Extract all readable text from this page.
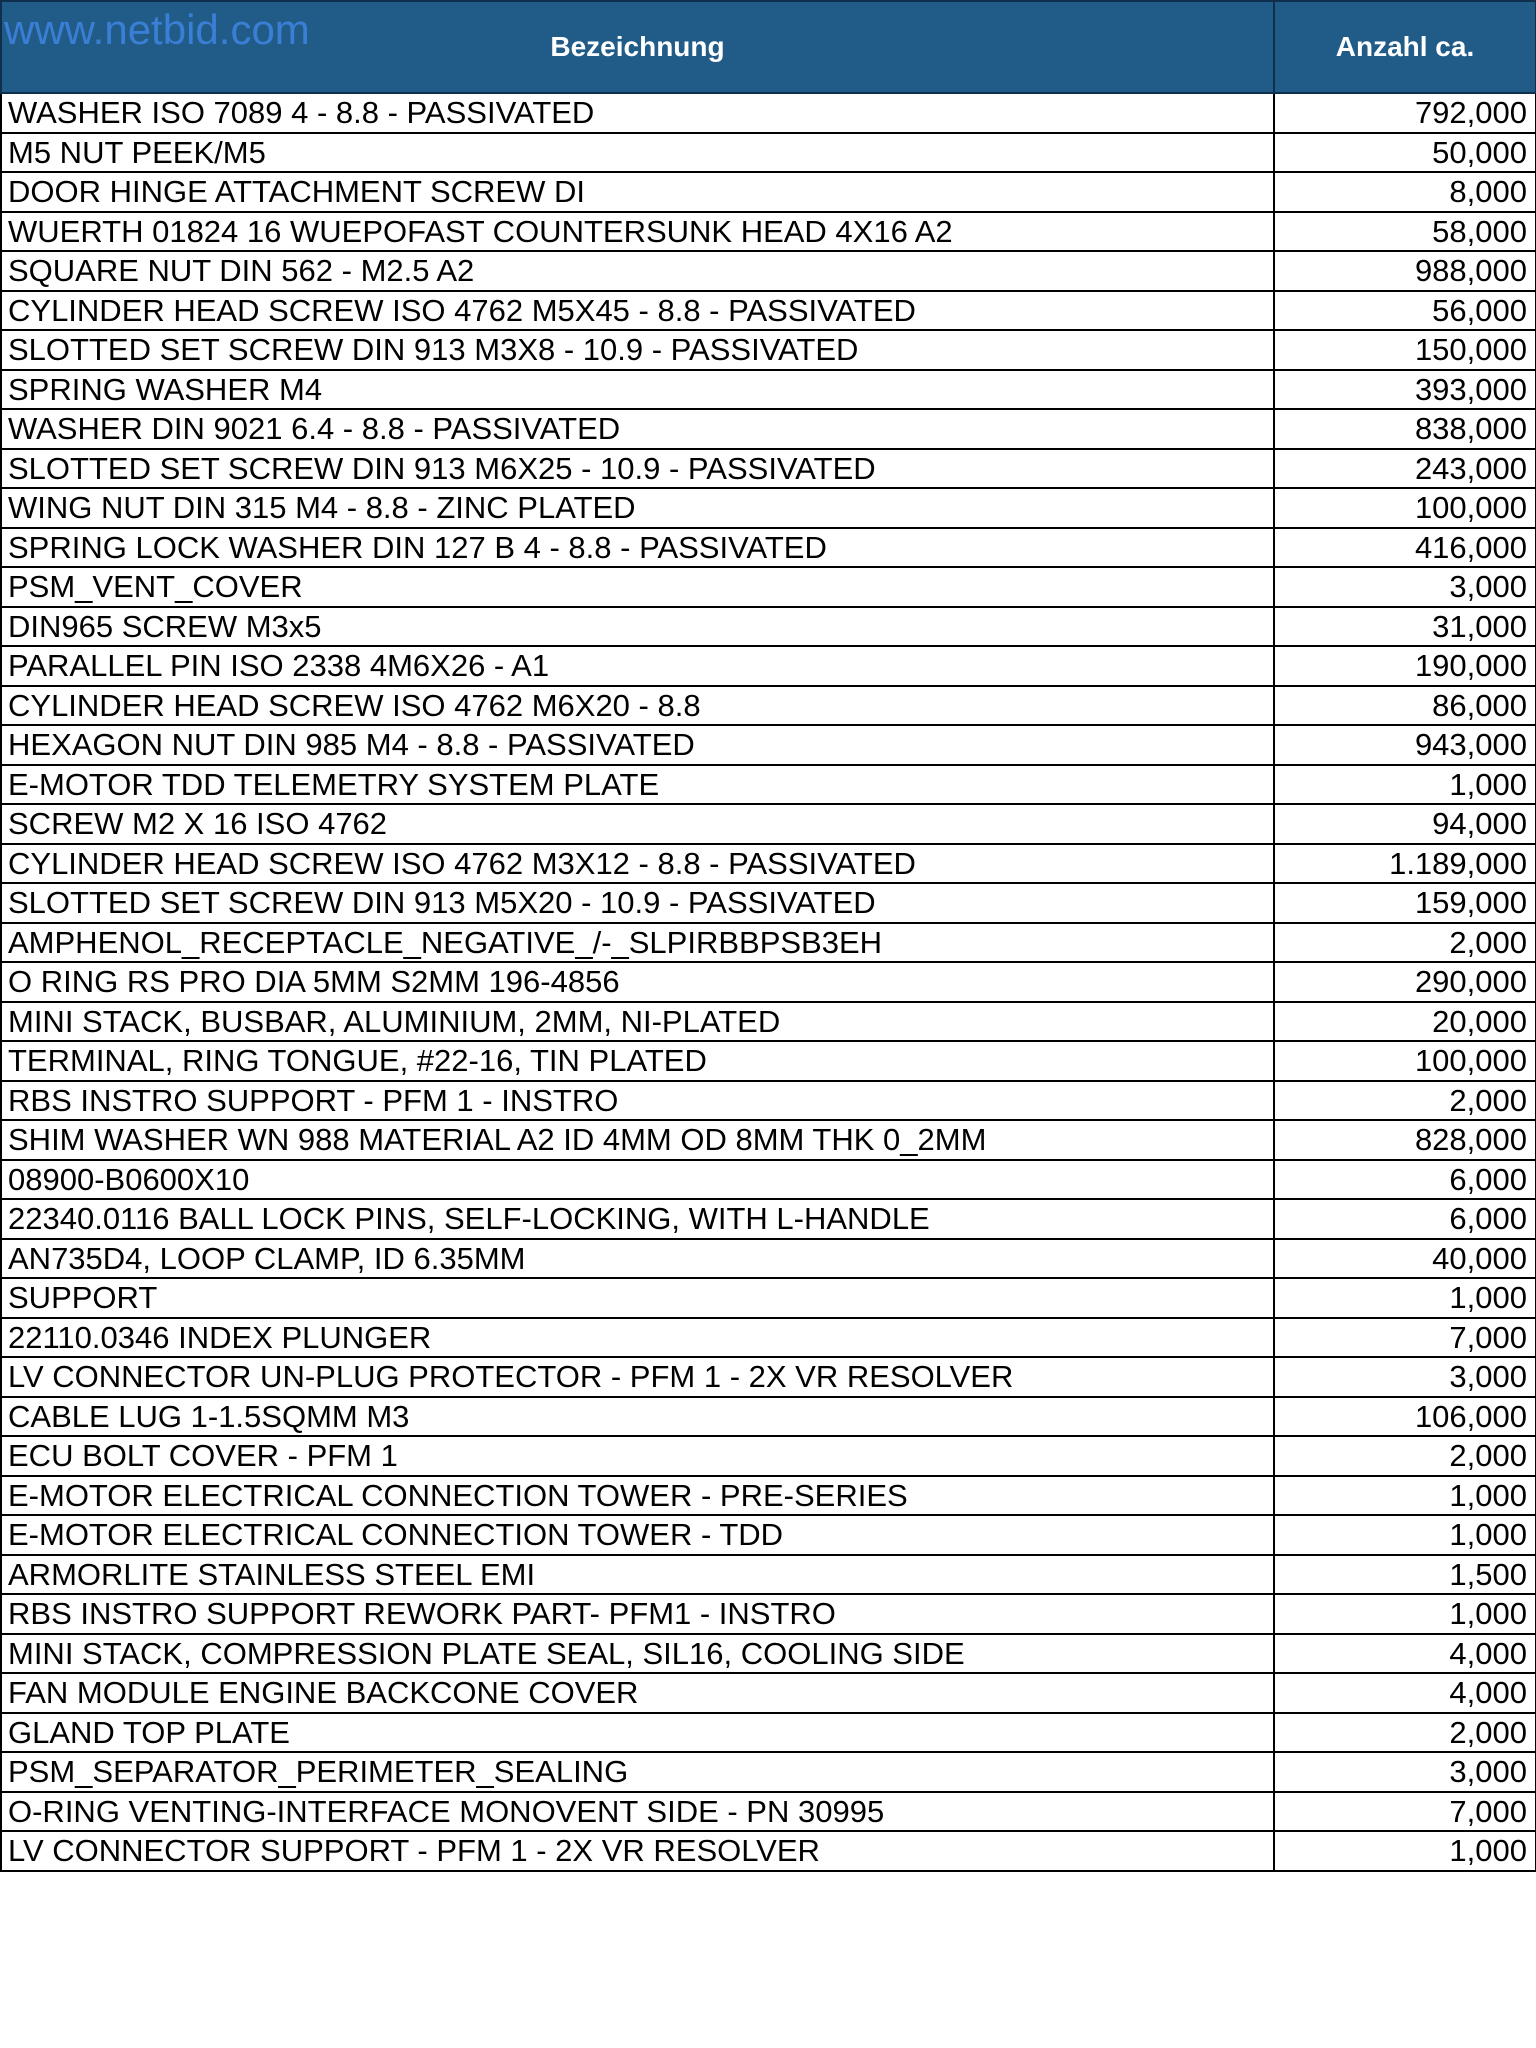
www.netbid.com	Bezeichnung	Anzahl ca.
WASHER ISO 7089 4 - 8.8 - PASSIVATED	792,000
M5 NUT PEEK/M5	50,000
DOOR HINGE ATTACHMENT SCREW DI	8,000
WUERTH 01824 16 WUEPOFAST COUNTERSUNK HEAD 4X16 A2	58,000
SQUARE NUT DIN 562 - M2.5 A2	988,000
CYLINDER HEAD SCREW ISO 4762 M5X45 - 8.8 - PASSIVATED	56,000
SLOTTED SET SCREW DIN 913 M3X8 - 10.9 - PASSIVATED	150,000
SPRING WASHER M4	393,000
WASHER DIN 9021 6.4 - 8.8 - PASSIVATED	838,000
SLOTTED SET SCREW DIN 913 M6X25 - 10.9 - PASSIVATED	243,000
WING NUT DIN 315 M4 - 8.8 - ZINC PLATED	100,000
SPRING LOCK WASHER DIN 127 B 4 - 8.8 - PASSIVATED	416,000
PSM_VENT_COVER	3,000
DIN965 SCREW M3x5	31,000
PARALLEL PIN ISO 2338 4M6X26 - A1	190,000
CYLINDER HEAD SCREW ISO 4762 M6X20 - 8.8	86,000
HEXAGON NUT DIN 985 M4 - 8.8 - PASSIVATED	943,000
E-MOTOR TDD TELEMETRY SYSTEM PLATE	1,000
SCREW M2 X 16 ISO 4762	94,000
CYLINDER HEAD SCREW ISO 4762 M3X12 - 8.8 - PASSIVATED	1.189,000
SLOTTED SET SCREW DIN 913 M5X20 - 10.9 - PASSIVATED	159,000
AMPHENOL_RECEPTACLE_NEGATIVE_/-_SLPIRBBPSB3EH	2,000
O RING RS PRO DIA 5MM S2MM 196-4856	290,000
MINI STACK, BUSBAR, ALUMINIUM, 2MM, NI-PLATED	20,000
TERMINAL, RING TONGUE, #22-16, TIN PLATED	100,000
RBS INSTRO SUPPORT - PFM 1 - INSTRO	2,000
SHIM WASHER WN 988 MATERIAL A2 ID 4MM OD 8MM THK 0_2MM	828,000
08900-B0600X10	6,000
22340.0116 BALL LOCK PINS, SELF-LOCKING, WITH L-HANDLE	6,000
AN735D4, LOOP CLAMP, ID 6.35MM	40,000
SUPPORT	1,000
22110.0346 INDEX PLUNGER	7,000
LV CONNECTOR UN-PLUG PROTECTOR - PFM 1 - 2X VR RESOLVER	3,000
CABLE LUG 1-1.5SQMM M3	106,000
ECU BOLT COVER - PFM 1	2,000
E-MOTOR ELECTRICAL CONNECTION TOWER - PRE-SERIES	1,000
E-MOTOR ELECTRICAL CONNECTION TOWER - TDD	1,000
ARMORLITE STAINLESS STEEL EMI	1,500
RBS INSTRO SUPPORT REWORK PART- PFM1 - INSTRO	1,000
MINI STACK, COMPRESSION PLATE SEAL, SIL16, COOLING SIDE	4,000
FAN MODULE ENGINE BACKCONE COVER	4,000
GLAND TOP PLATE	2,000
PSM_SEPARATOR_PERIMETER_SEALING	3,000
O-RING VENTING-INTERFACE MONOVENT SIDE - PN 30995	7,000
LV CONNECTOR SUPPORT - PFM 1 - 2X VR RESOLVER	1,000
